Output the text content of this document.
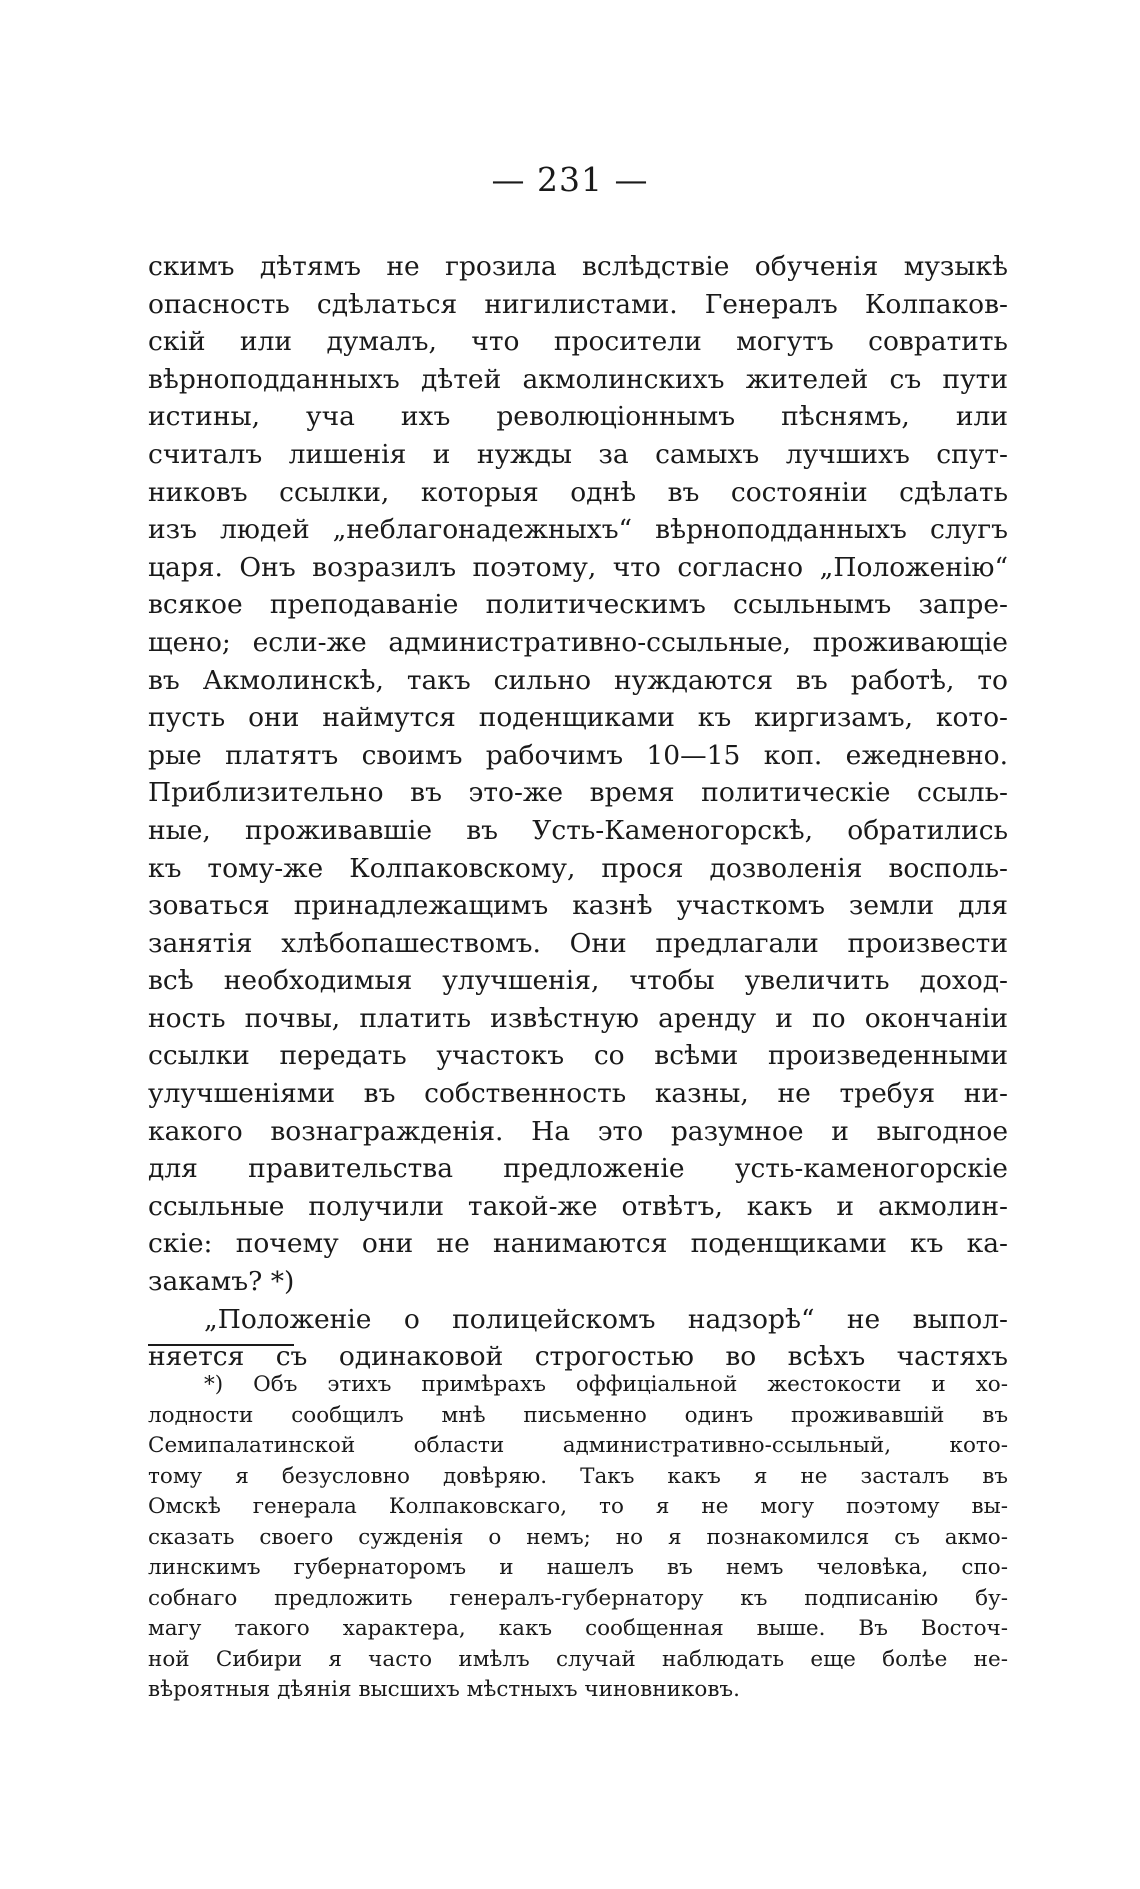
— 231 —
скимъ дѣтямъ не грозила вслѣдствіе обученія музыкѣ
опасность сдѣлаться нигилистами. Генералъ Колпаков-
скій или думалъ, что просители могутъ совратить
вѣрноподданныхъ дѣтей акмолинскихъ жителей съ пути
истины, уча ихъ революціоннымъ пѣснямъ, или
считалъ лишенія и нужды за самыхъ лучшихъ спут-
никовъ ссылки, которыя однѣ въ состояніи сдѣлать
изъ людей „неблагонадежныхъ“ вѣрноподданныхъ слугъ
царя. Онъ возразилъ поэтому, что согласно „Положенію“
всякое преподаваніе политическимъ ссыльнымъ запре-
щено; если-же административно-ссыльные, проживающіе
въ Акмолинскѣ, такъ сильно нуждаются въ работѣ, то
пусть они наймутся поденщиками къ киргизамъ, кото-
рые платятъ своимъ рабочимъ 10—15 коп. ежедневно.
Приблизительно въ это-же время политическіе ссыль-
ные, проживавшіе въ Усть-Каменогорскѣ, обратились
къ тому-же Колпаковскому, прося дозволенія восполь-
зоваться принадлежащимъ казнѣ участкомъ земли для
занятія хлѣбопашествомъ. Они предлагали произвести
всѣ необходимыя улучшенія, чтобы увеличить доход-
ность почвы, платить извѣстную аренду и по окончаніи
ссылки передать участокъ со всѣми произведенными
улучшеніями въ собственность казны, не требуя ни-
какого вознагражденія. На это разумное и выгодное
для правительства предложеніе усть-каменогорскіе
ссыльные получили такой-же отвѣтъ, какъ и акмолин-
скіе: почему они не нанимаются поденщиками къ ка-
закамъ? *)
„Положеніе о полицейскомъ надзорѣ“ не выпол-
няется съ одинаковой строгостью во всѣхъ частяхъ
*) Объ этихъ примѣрахъ оффиціальной жестокости и хо-
лодности сообщилъ мнѣ письменно одинъ проживавшій въ
Семипалатинской области административно-ссыльный, кото-
тому я безусловно довѣряю. Такъ какъ я не засталъ въ
Омскѣ генерала Колпаковскаго, то я не могу поэтому вы-
сказать своего сужденія о немъ; но я познакомился съ акмо-
линскимъ губернаторомъ и нашелъ въ немъ человѣка, спо-
собнаго предложить генералъ-губернатору къ подписанію бу-
магу такого характера, какъ сообщенная выше. Въ Восточ-
ной Сибири я часто имѣлъ случай наблюдать еще болѣе не-
вѣроятныя дѣянія высшихъ мѣстныхъ чиновниковъ.
